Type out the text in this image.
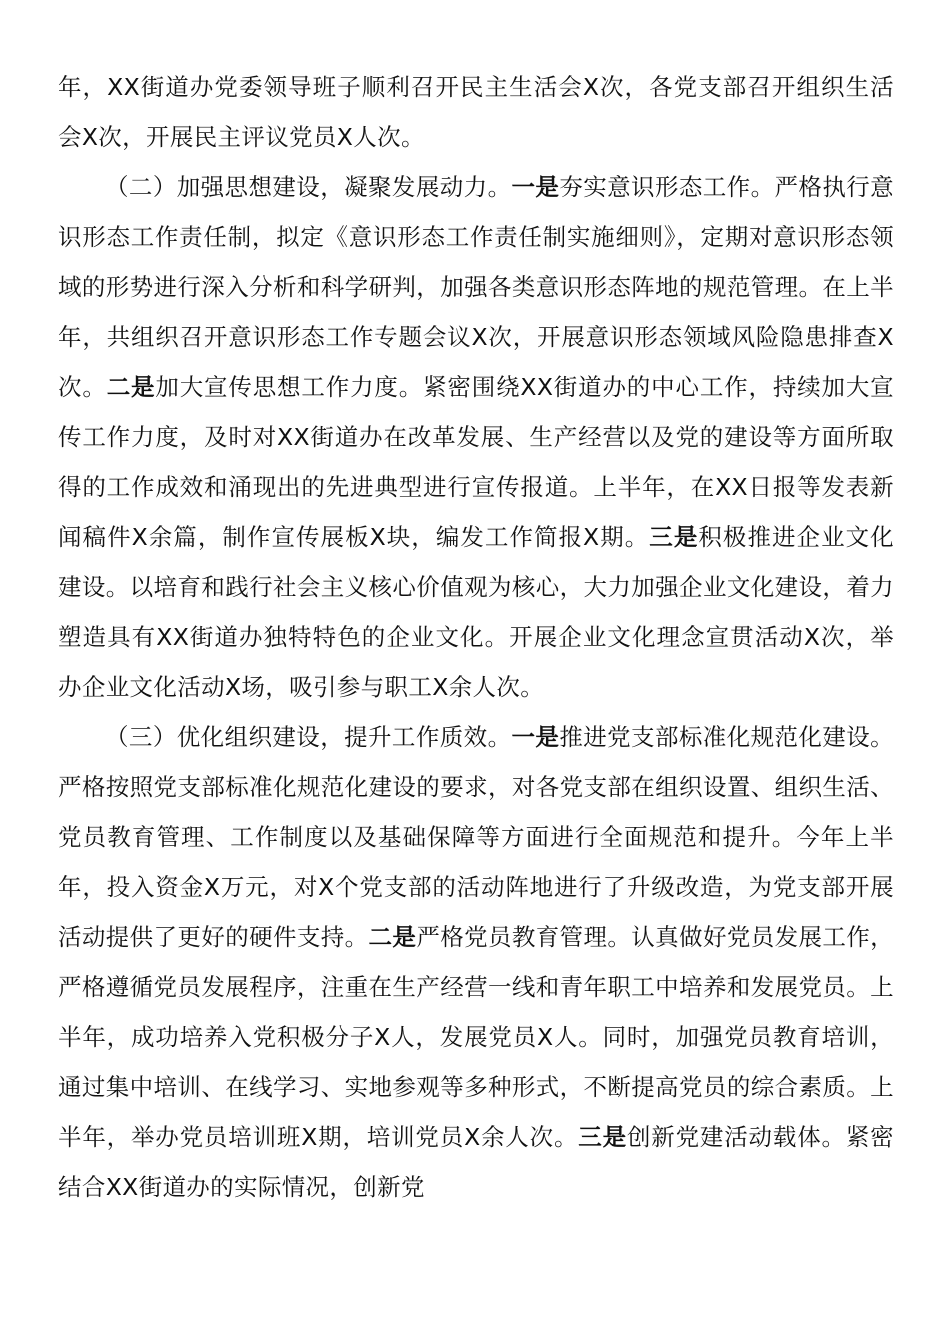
年，XX街道办党委领导班子顺利召开民主生活会X次，各党支部召开组织生活会X次，开展民主评议党员X人次。

（二）加强思想建设，凝聚发展动力。一是夯实意识形态工作。严格执行意识形态工作责任制，拟定《意识形态工作责任制实施细则》，定期对意识形态领域的形势进行深入分析和科学研判，加强各类意识形态阵地的规范管理。在上半年，共组织召开意识形态工作专题会议X次，开展意识形态领域风险隐患排查X次。二是加大宣传思想工作力度。紧密围绕XX街道办的中心工作，持续加大宣传工作力度，及时对XX街道办在改革发展、生产经营以及党的建设等方面所取得的工作成效和涌现出的先进典型进行宣传报道。上半年，在XX日报等发表新闻稿件X余篇，制作宣传展板X块，编发工作简报X期。三是积极推进企业文化建设。以培育和践行社会主义核心价值观为核心，大力加强企业文化建设，着力塑造具有XX街道办独特特色的企业文化。开展企业文化理念宣贯活动X次，举办企业文化活动X场，吸引参与职工X余人次。

（三）优化组织建设，提升工作质效。一是推进党支部标准化规范化建设。严格按照党支部标准化规范化建设的要求，对各党支部在组织设置、组织生活、党员教育管理、工作制度以及基础保障等方面进行全面规范和提升。今年上半年，投入资金X万元，对X个党支部的活动阵地进行了升级改造，为党支部开展活动提供了更好的硬件支持。二是严格党员教育管理。认真做好党员发展工作，严格遵循党员发展程序，注重在生产经营一线和青年职工中培养和发展党员。上半年，成功培养入党积极分子X人，发展党员X人。同时，加强党员教育培训，通过集中培训、在线学习、实地参观等多种形式，不断提高党员的综合素质。上半年，举办党员培训班X期，培训党员X余人次。三是创新党建活动载体。紧密结合XX街道办的实际情况，创新党
